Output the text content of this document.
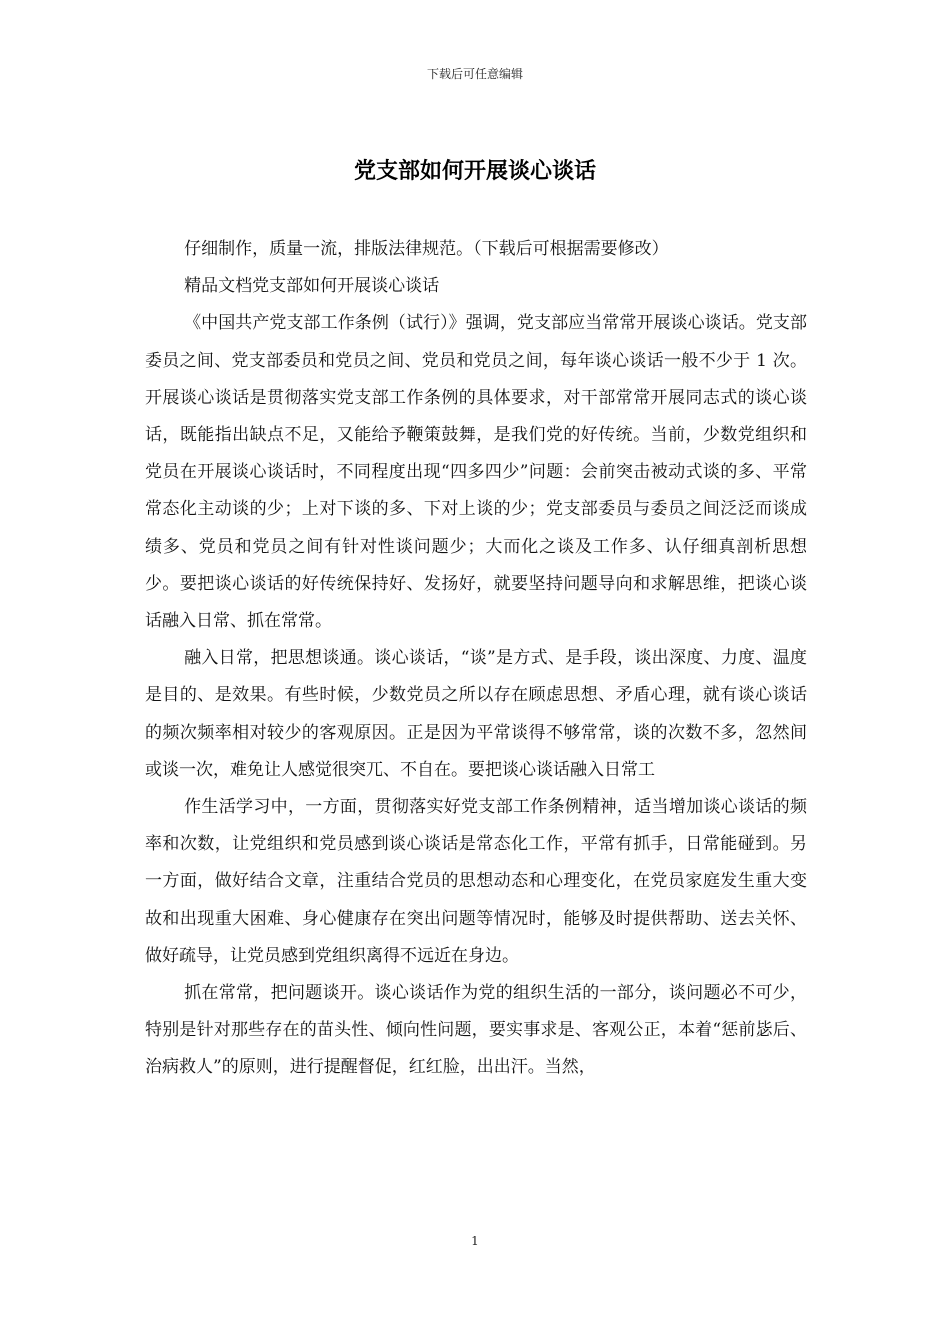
下载后可任意编辑
党支部如何开展谈心谈话

仔细制作，质量一流，排版法律规范。（下载后可根据需要修改）

精品文档党支部如何开展谈心谈话

《中国共产党支部工作条例（试行）》强调，党支部应当常常开展谈心谈话。党支部委员之间、党支部委员和党员之间、党员和党员之间，每年谈心谈话一般不少于 1 次。开展谈心谈话是贯彻落实党支部工作条例的具体要求，对干部常常开展同志式的谈心谈话，既能指出缺点不足，又能给予鞭策鼓舞，是我们党的好传统。当前，少数党组织和党员在开展谈心谈话时，不同程度出现“四多四少”问题：会前突击被动式谈的多、平常常态化主动谈的少；上对下谈的多、下对上谈的少；党支部委员与委员之间泛泛而谈成绩多、党员和党员之间有针对性谈问题少；大而化之谈及工作多、认仔细真剖析思想少。要把谈心谈话的好传统保持好、发扬好，就要坚持问题导向和求解思维，把谈心谈话融入日常、抓在常常。

融入日常，把思想谈通。谈心谈话，“谈”是方式、是手段，谈出深度、力度、温度是目的、是效果。有些时候，少数党员之所以存在顾虑思想、矛盾心理，就有谈心谈话的频次频率相对较少的客观原因。正是因为平常谈得不够常常，谈的次数不多，忽然间或谈一次，难免让人感觉很突兀、不自在。要把谈心谈话融入日常工

作生活学习中，一方面，贯彻落实好党支部工作条例精神，适当增加谈心谈话的频率和次数，让党组织和党员感到谈心谈话是常态化工作，平常有抓手，日常能碰到。另一方面，做好结合文章，注重结合党员的思想动态和心理变化，在党员家庭发生重大变故和出现重大困难、身心健康存在突出问题等情况时，能够及时提供帮助、送去关怀、做好疏导，让党员感到党组织离得不远近在身边。

抓在常常，把问题谈开。谈心谈话作为党的组织生活的一部分，谈问题必不可少，特别是针对那些存在的苗头性、倾向性问题，要实事求是、客观公正，本着“惩前毖后、治病救人”的原则，进行提醒督促，红红脸，出出汗。当然，

1
